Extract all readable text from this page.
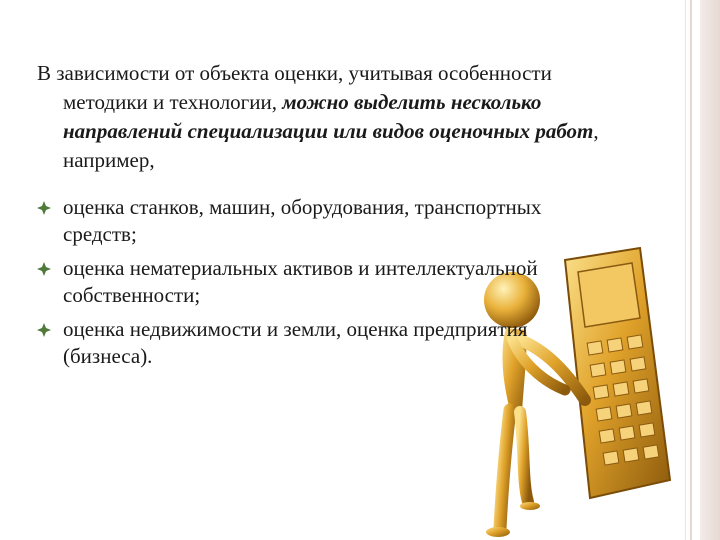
В зависимости от объекта оценки, учитывая особенности методики и технологии, можно выделить несколько направлений специализации или видов оценочных работ, например,

оценка станков, машин, оборудования, транспортных средств;
оценка нематериальных активов и интеллектуальной собственности;
оценка недвижимости и земли, оценка предприятия (бизнеса).
